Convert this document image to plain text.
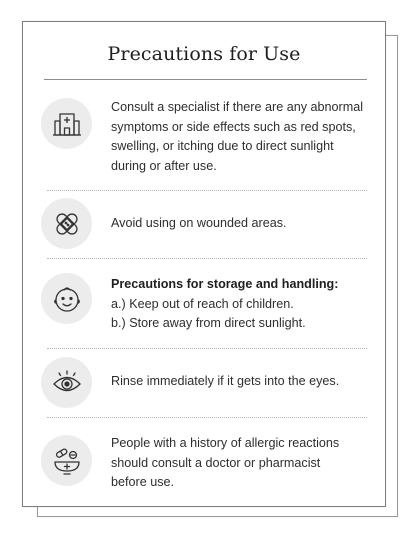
Precautions for Use
Consult a specialist if there are any abnormal
symptoms or side effects such as red spots,
swelling, or itching due to direct sunlight
during or after use.
Avoid using on wounded areas.
Precautions for storage and handling:
a.) Keep out of reach of children.
b.) Store away from direct sunlight.
Rinse immediately if it gets into the eyes.
People with a history of allergic reactions
should consult a doctor or pharmacist
before use.
